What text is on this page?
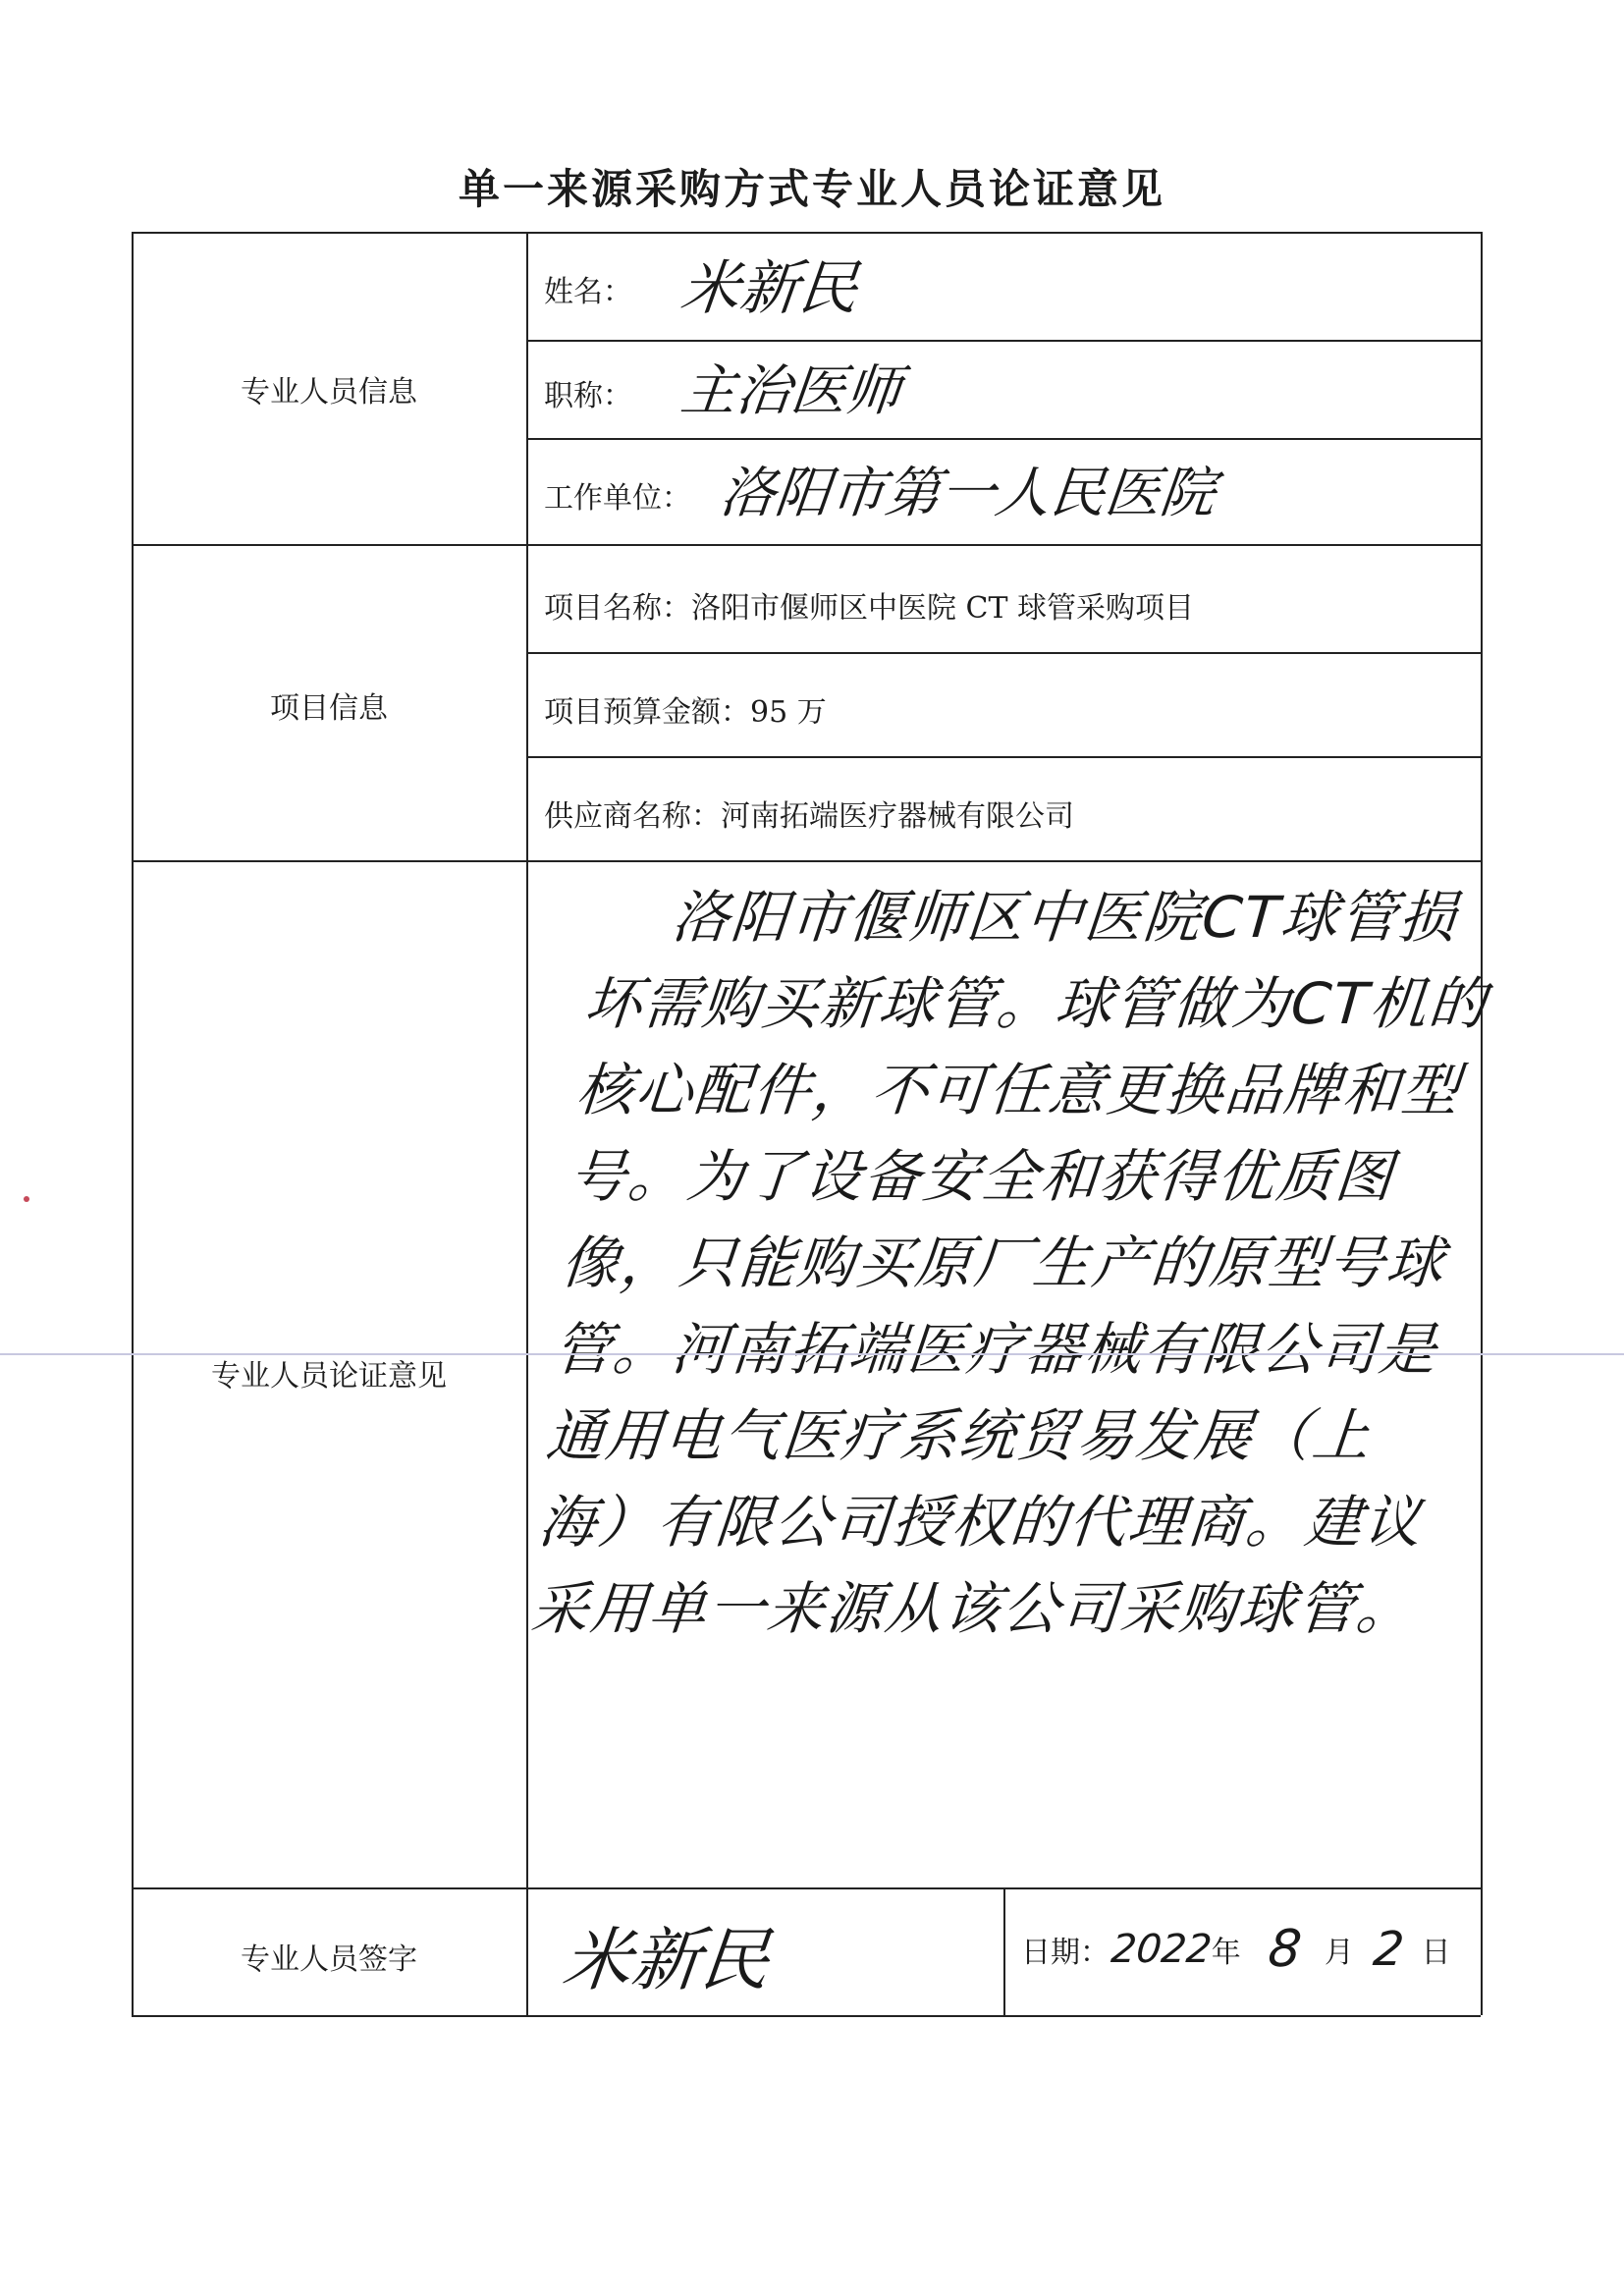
单一来源采购方式专业人员论证意见
专业人员信息
项目信息
专业人员论证意见
专业人员签字
姓名： 米新民
职称： 主治医师
工作单位： 洛阳市第一人民医院
项目名称：洛阳市偃师区中医院 CT 球管采购项目
项目预算金额：95 万
供应商名称：河南拓端医疗器械有限公司
米新民	日期： 2022
年 8 月 2 日
洛阳市偃师区中医院CT球管损坏需购买新球管。球管做为CT机的核心配件，不可任意更换品牌和型号。为了设备安全和获得优质图像，只能购买原厂生产的原型号球管。河南拓端医疗器械有限公司是通用电气医疗系统贸易发展（上海）有限公司授权的代理商。建议采用单一来源从该公司采购球管。
